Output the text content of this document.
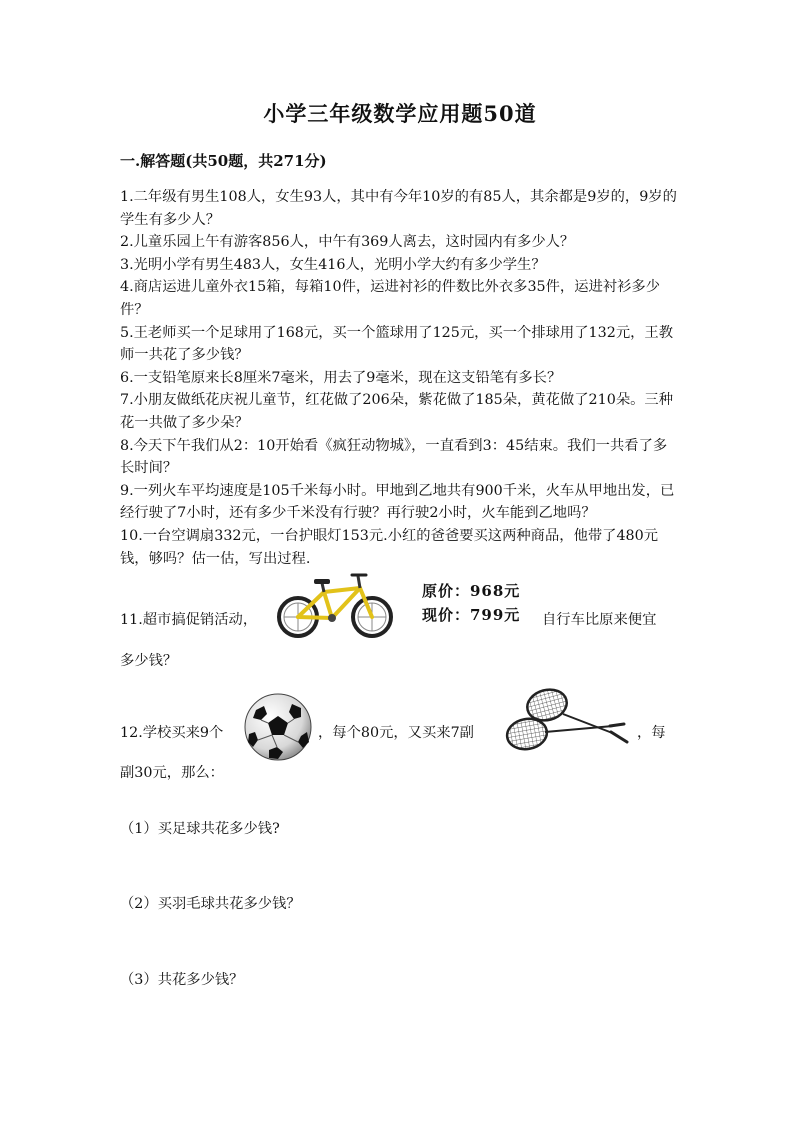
小学三年级数学应用题50道
一.解答题(共50题，共271分)

1.二年级有男生108人，女生93人，其中有今年10岁的有85人，其余都是9岁的，9岁的学生有多少人？

2.儿童乐园上午有游客856人，中午有369人离去，这时园内有多少人？

3.光明小学有男生483人，女生416人，光明小学大约有多少学生？

4.商店运进儿童外衣15箱，每箱10件，运进衬衫的件数比外衣多35件，运进衬衫多少件？

5.王老师买一个足球用了168元，买一个篮球用了125元，买一个排球用了132元，王教师一共花了多少钱？

6.一支铅笔原来长8厘米7毫米，用去了9毫米，现在这支铅笔有多长？

7.小朋友做纸花庆祝儿童节，红花做了206朵，紫花做了185朵，黄花做了210朵。三种花一共做了多少朵？

8.今天下午我们从2：10开始看《疯狂动物城》，一直看到3：45结束。我们一共看了多长时间？

9.一列火车平均速度是105千米每小时。甲地到乙地共有900千米，火车从甲地出发，已经行驶了7小时，还有多少千米没有行驶？再行驶2小时，火车能到乙地吗？

10.一台空调扇332元，一台护眼灯153元.小红的爸爸要买这两种商品，他带了480元钱，够吗？估一估，写出过程.

11.超市搞促销活动，
原价：968元
现价：799元 自行车比原来便宜
多少钱？
12.学校买来9个	，每个80元，又买来7副	，每
副30元，那么：
（1）买足球共花多少钱?
（2）买羽毛球共花多少钱？
（3）共花多少钱？
